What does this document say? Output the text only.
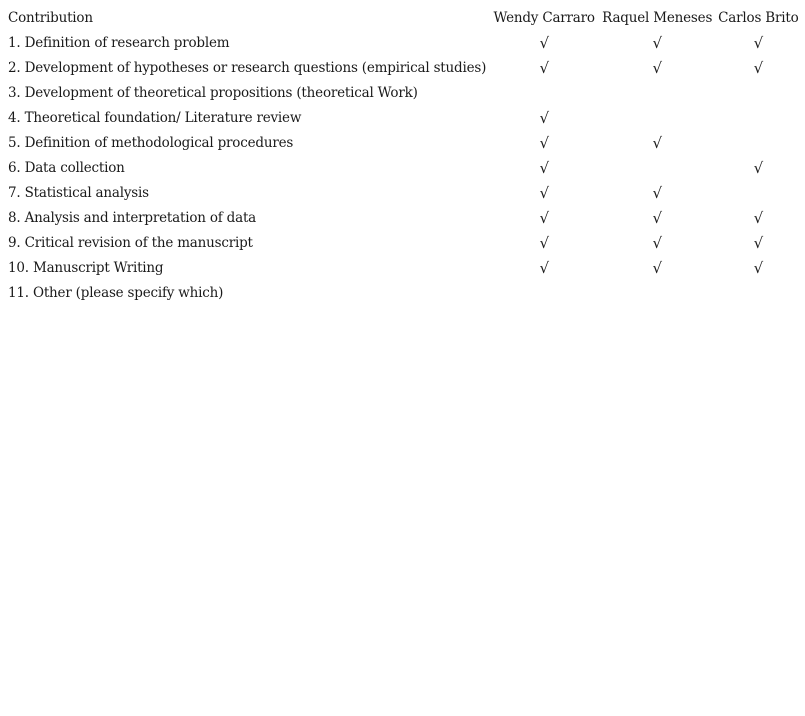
Contribution	Wendy Carraro	Raquel Meneses	Carlos Brito
1. Definition of research problem	√	√	√
2. Development of hypotheses or research questions (empirical studies)	√	√	√
3. Development of theoretical propositions (theoretical Work)			
4. Theoretical foundation/ Literature review	√		
5. Definition of methodological procedures	√	√	
6. Data collection	√		√
7. Statistical analysis	√	√	
8. Analysis and interpretation of data	√	√	√
9. Critical revision of the manuscript	√	√	√
10. Manuscript Writing	√	√	√
11. Other (please specify which)			
